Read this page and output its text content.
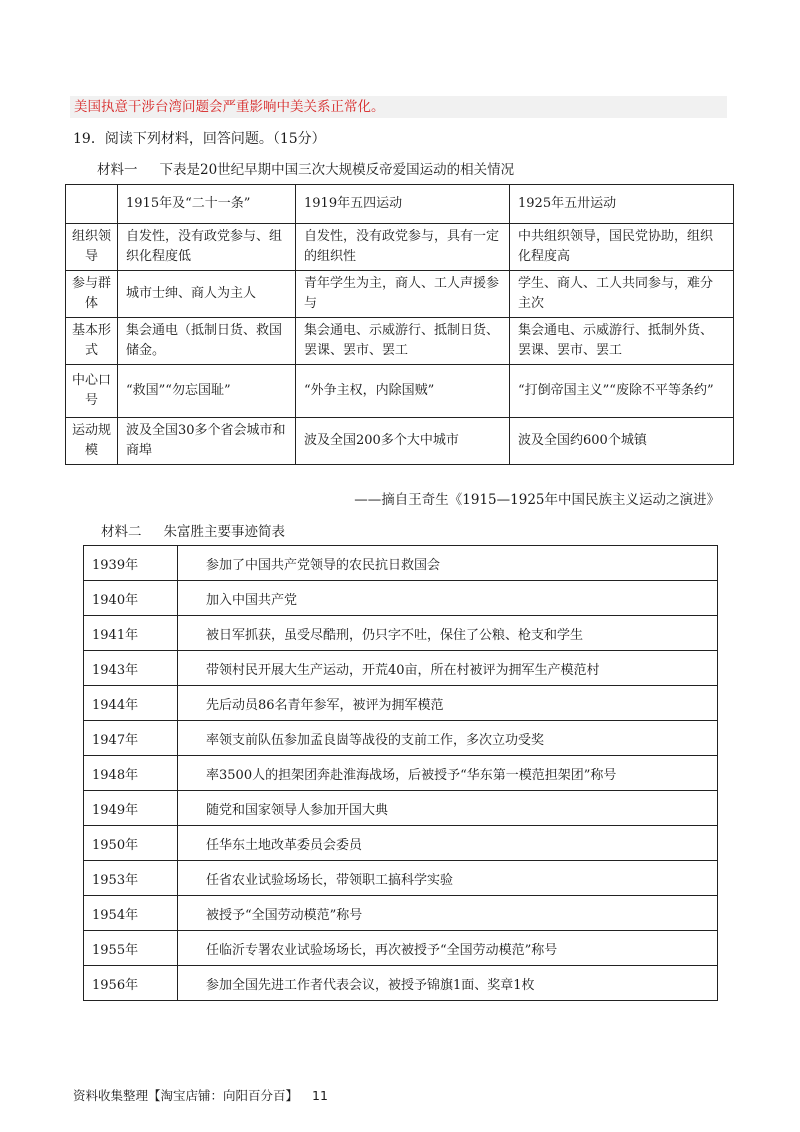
美国执意干涉台湾问题会严重影响中美关系正常化。
19．阅读下列材料，回答问题。（15分）
材料一 下表是20世纪早期中国三次大规模反帝爱国运动的相关情况
	1915年及“二十一条”	1919年五四运动	1925年五卅运动
组织领导	自发性，没有政党参与、组织化程度低	自发性，没有政党参与，具有一定的组织性	中共组织领导，国民党协助，组织化程度高
参与群体	城市士绅、商人为主人	青年学生为主，商人、工人声援参与	学生、商人、工人共同参与，难分主次
基本形式	集会通电（抵制日货、救国储金。	集会通电、示威游行、抵制日货、罢课、罢市、罢工	集会通电、示威游行、抵制外货、罢课、罢市、罢工
中心口号	“救国”“勿忘国耻”	“外争主权，内除国贼”	“打倒帝国主义”“废除不平等条约”
运动规模	波及全国30多个省会城市和商埠	波及全国200多个大中城市	波及全国约600个城镇
——摘自王奇生《1915—1925年中国民族主义运动之演进》
材料二 朱富胜主要事迹简表
1939年	参加了中国共产党领导的农民抗日救国会
1940年	加入中国共产党
1941年	被日军抓获，虽受尽酷刑，仍只字不吐，保住了公粮、枪支和学生
1943年	带领村民开展大生产运动，开荒40亩，所在村被评为拥军生产模范村
1944年	先后动员86名青年参军，被评为拥军模范
1947年	率领支前队伍参加孟良崮等战役的支前工作，多次立功受奖
1948年	率3500人的担架团奔赴淮海战场，后被授予“华东第一模范担架团”称号
1949年	随党和国家领导人参加开国大典
1950年	任华东土地改革委员会委员
1953年	任省农业试验场场长，带领职工搞科学实验
1954年	被授予“全国劳动模范”称号
1955年	任临沂专署农业试验场场长，再次被授予“全国劳动模范”称号
1956年	参加全国先进工作者代表会议，被授予锦旗1面、奖章1枚
资料收集整理【淘宝店铺：向阳百分百】 11
